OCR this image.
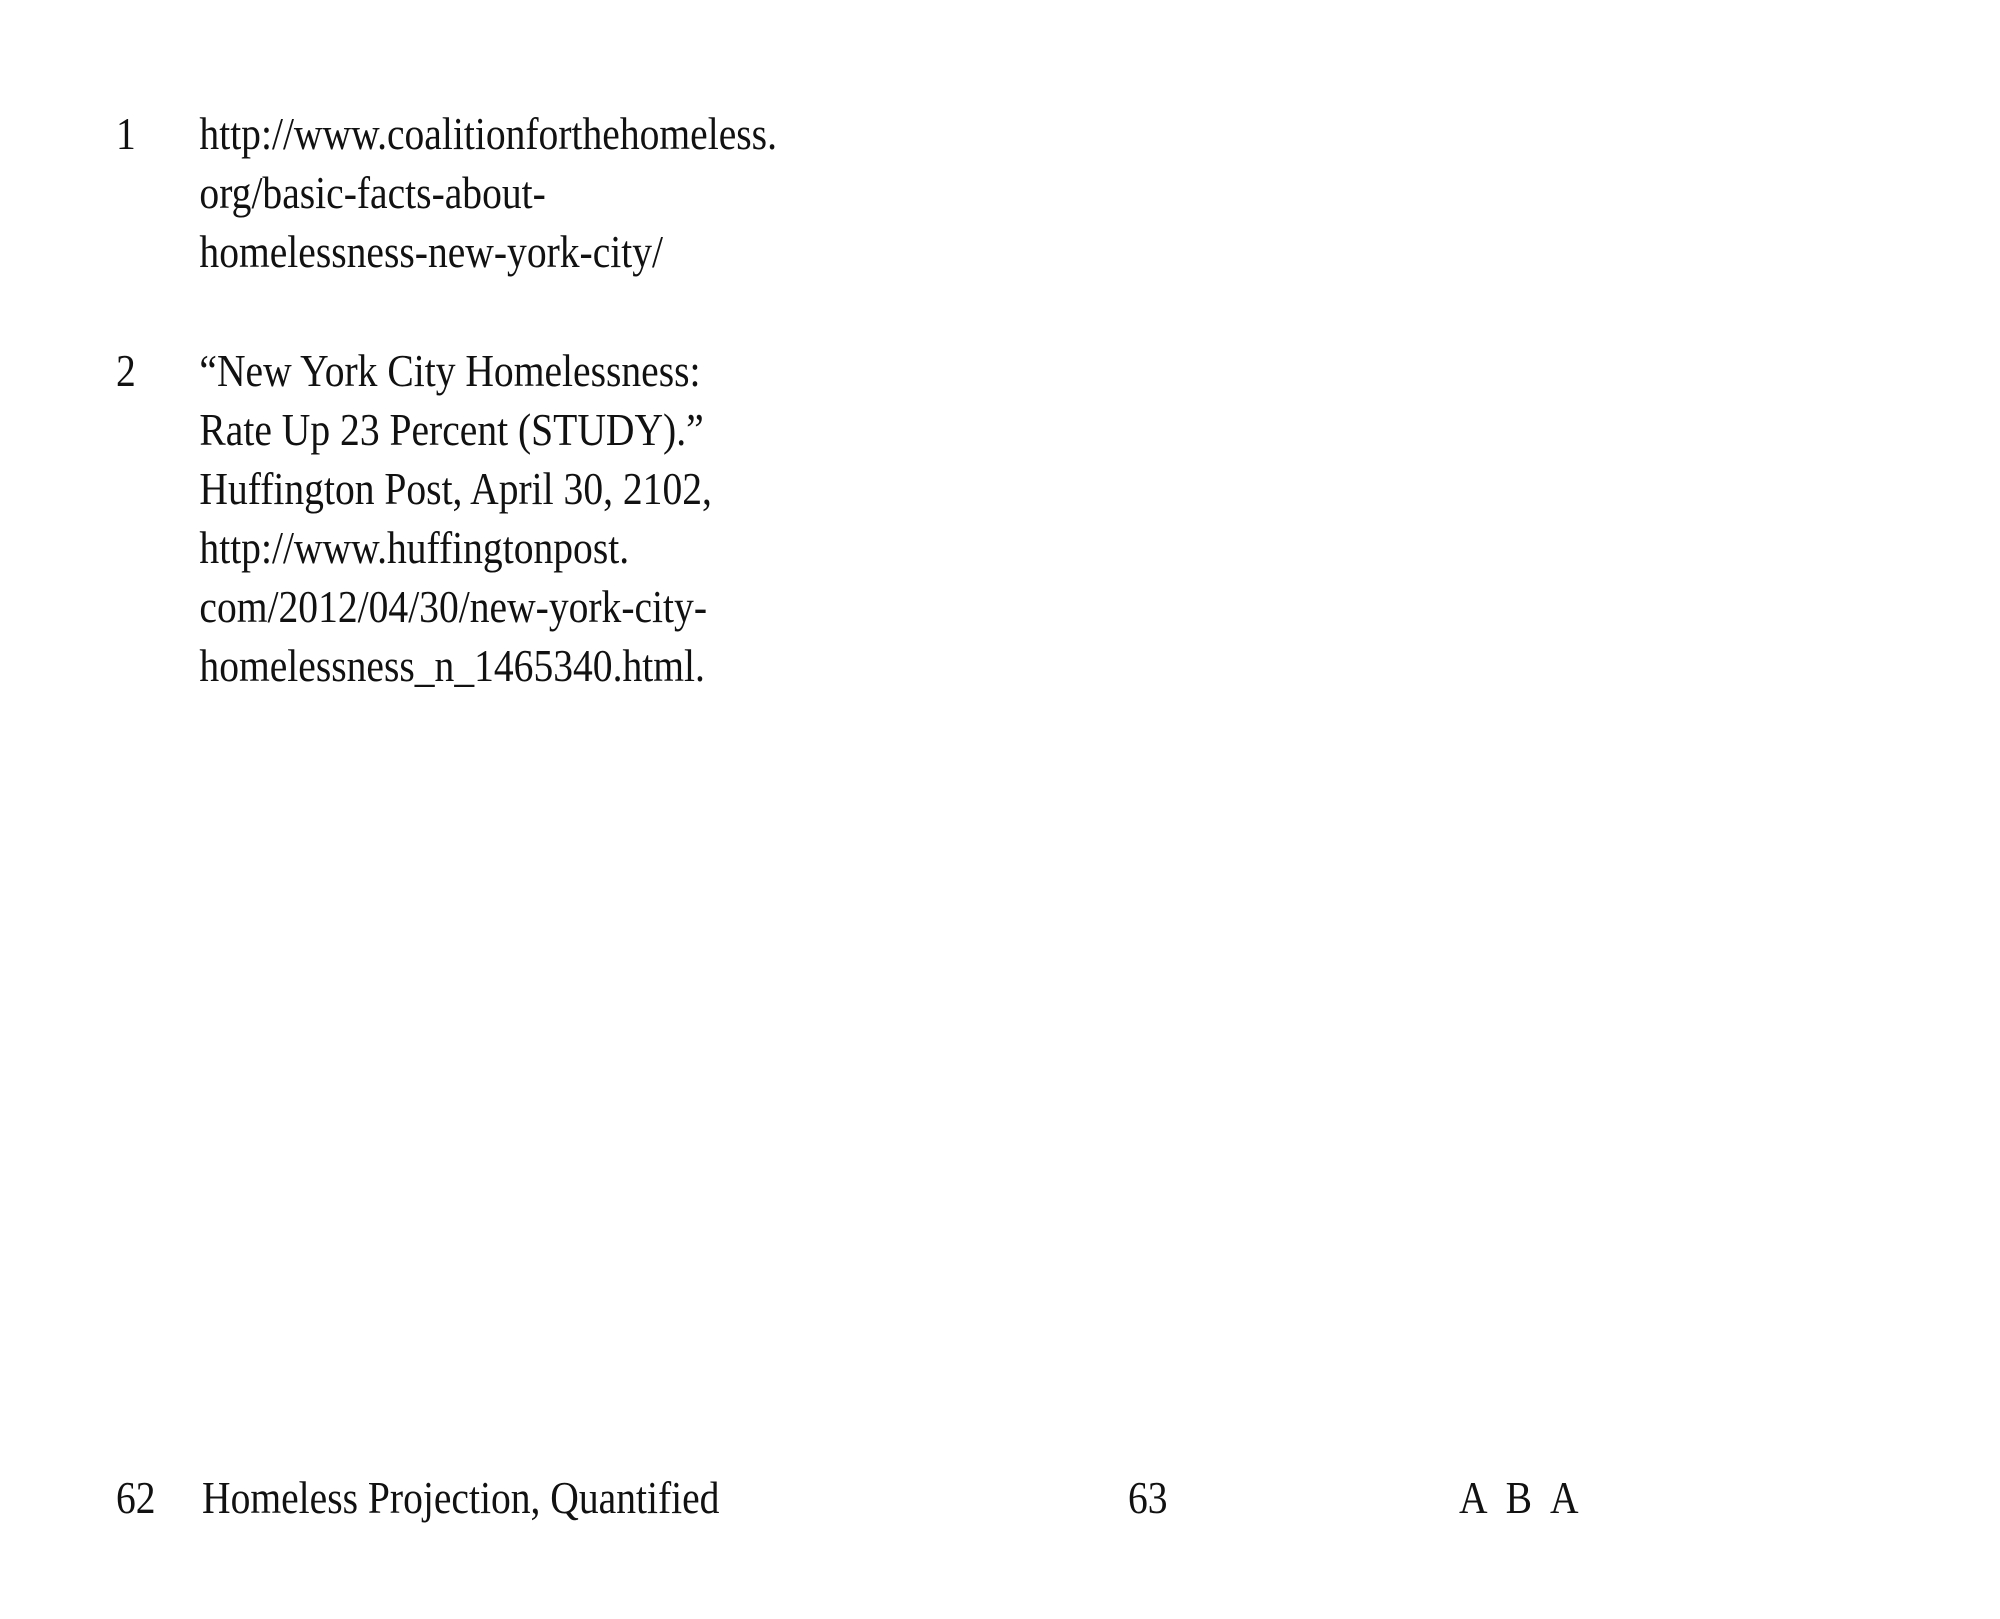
1	http://www.coalitionforthehomeless.
org/basic-facts-about-
homelessness-new-york-city/
2	“New York City Homelessness:
Rate Up 23 Percent (STUDY).”
Huffington Post, April 30, 2102,
http://www.huffingtonpost.
com/2012/04/30/new-york-city-
homelessness_n_1465340.html.
62 Homeless Projection, Quantified	63	A B A
